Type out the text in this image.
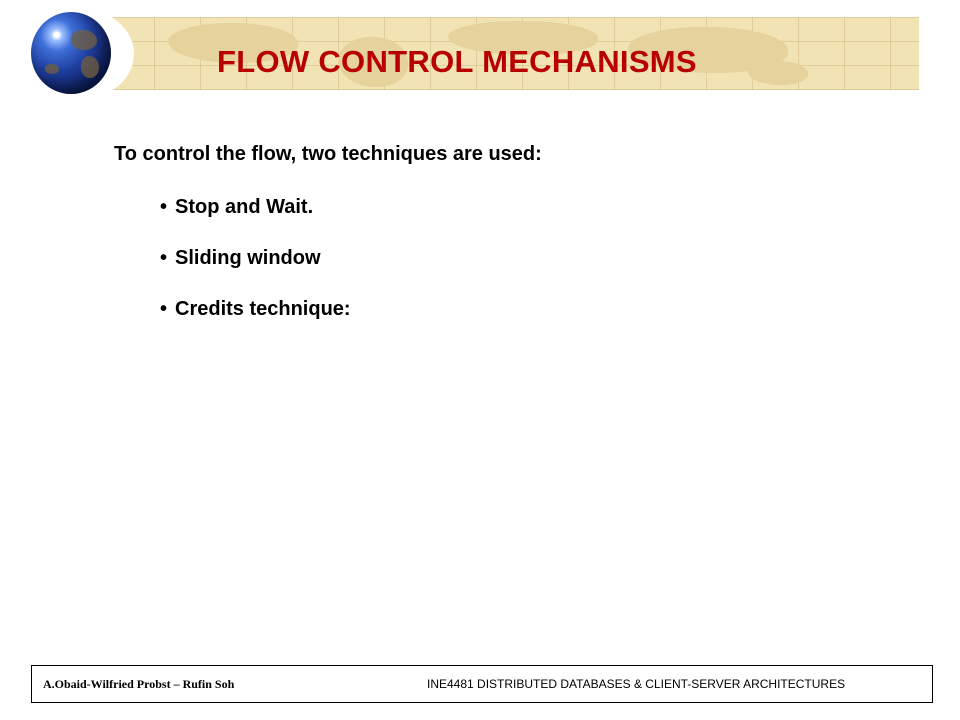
FLOW CONTROL MECHANISMS

To control the flow, two techniques are used:

• Stop and Wait.
• Sliding window
• Credits technique:
A.Obaid-Wilfried Probst – Rufin Soh	INE4481 DISTRIBUTED DATABASES & CLIENT-SERVER ARCHITECTURES
